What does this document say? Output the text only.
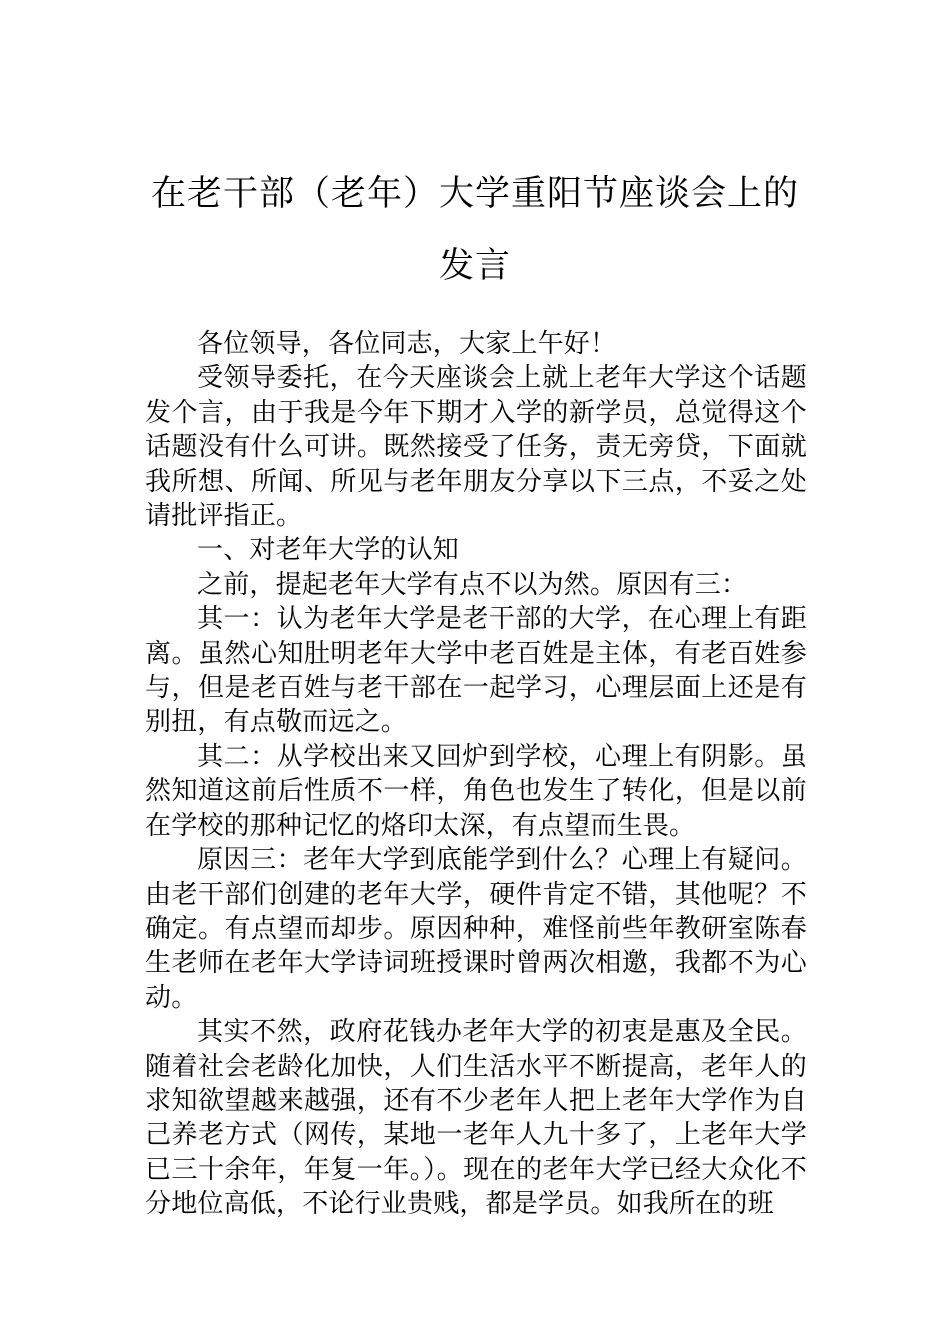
在老干部（老年）大学重阳节座谈会上的发言

各位领导，各位同志，大家上午好！

受领导委托，在今天座谈会上就上老年大学这个话题发个言，由于我是今年下期才入学的新学员，总觉得这个话题没有什么可讲。既然接受了任务，责无旁贷，下面就我所想、所闻、所见与老年朋友分享以下三点，不妥之处请批评指正。

一、对老年大学的认知

之前，提起老年大学有点不以为然。原因有三：

其一：认为老年大学是老干部的大学，在心理上有距离。虽然心知肚明老年大学中老百姓是主体，有老百姓参与，但是老百姓与老干部在一起学习，心理层面上还是有别扭，有点敬而远之。

其二：从学校出来又回炉到学校，心理上有阴影。虽然知道这前后性质不一样，角色也发生了转化，但是以前在学校的那种记忆的烙印太深，有点望而生畏。

原因三：老年大学到底能学到什么？心理上有疑问。由老干部们创建的老年大学，硬件肯定不错，其他呢？不确定。有点望而却步。原因种种，难怪前些年教研室陈春生老师在老年大学诗词班授课时曾两次相邀，我都不为心动。

其实不然，政府花钱办老年大学的初衷是惠及全民。随着社会老龄化加快，人们生活水平不断提高，老年人的求知欲望越来越强，还有不少老年人把上老年大学作为自己养老方式（网传，某地一老年人九十多了，上老年大学已三十余年，年复一年。）。现在的老年大学已经大众化不分地位高低，不论行业贵贱，都是学员。如我所在的班
